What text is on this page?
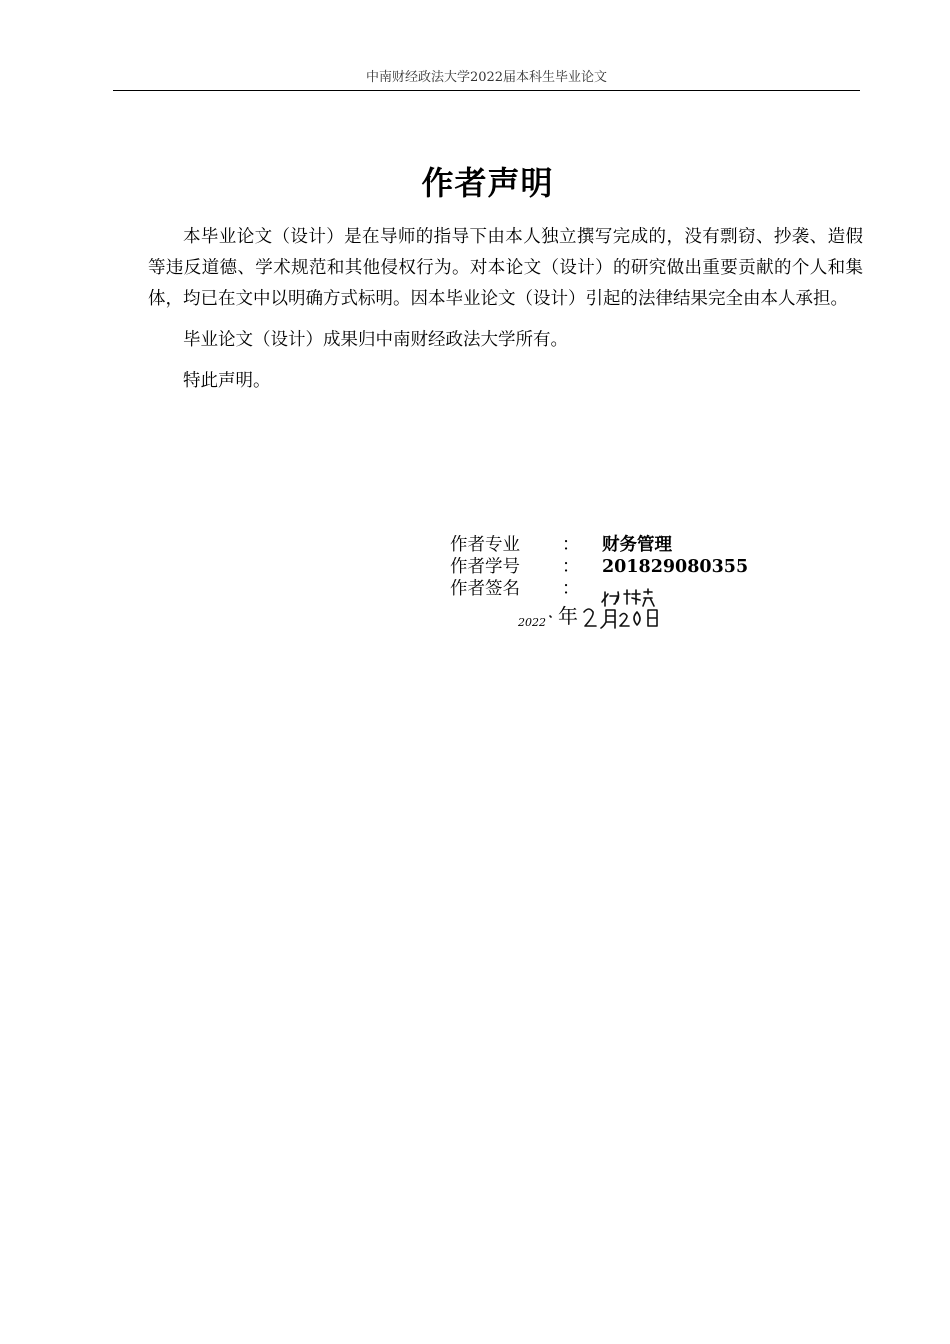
中南财经政法大学2022届本科生毕业论文
作者声明

本毕业论文（设计）是在导师的指导下由本人独立撰写完成的，没有剽窃、抄袭、造假等违反道德、学术规范和其他侵权行为。对本论文（设计）的研究做出重要贡献的个人和集体，均已在文中以明确方式标明。因本毕业论文（设计）引起的法律结果完全由本人承担。

毕业论文（设计）成果归中南财经政法大学所有。

特此声明。

作者专业	： 财务管理
作者学号	： 201829080355
作者签名	：
2022 年
